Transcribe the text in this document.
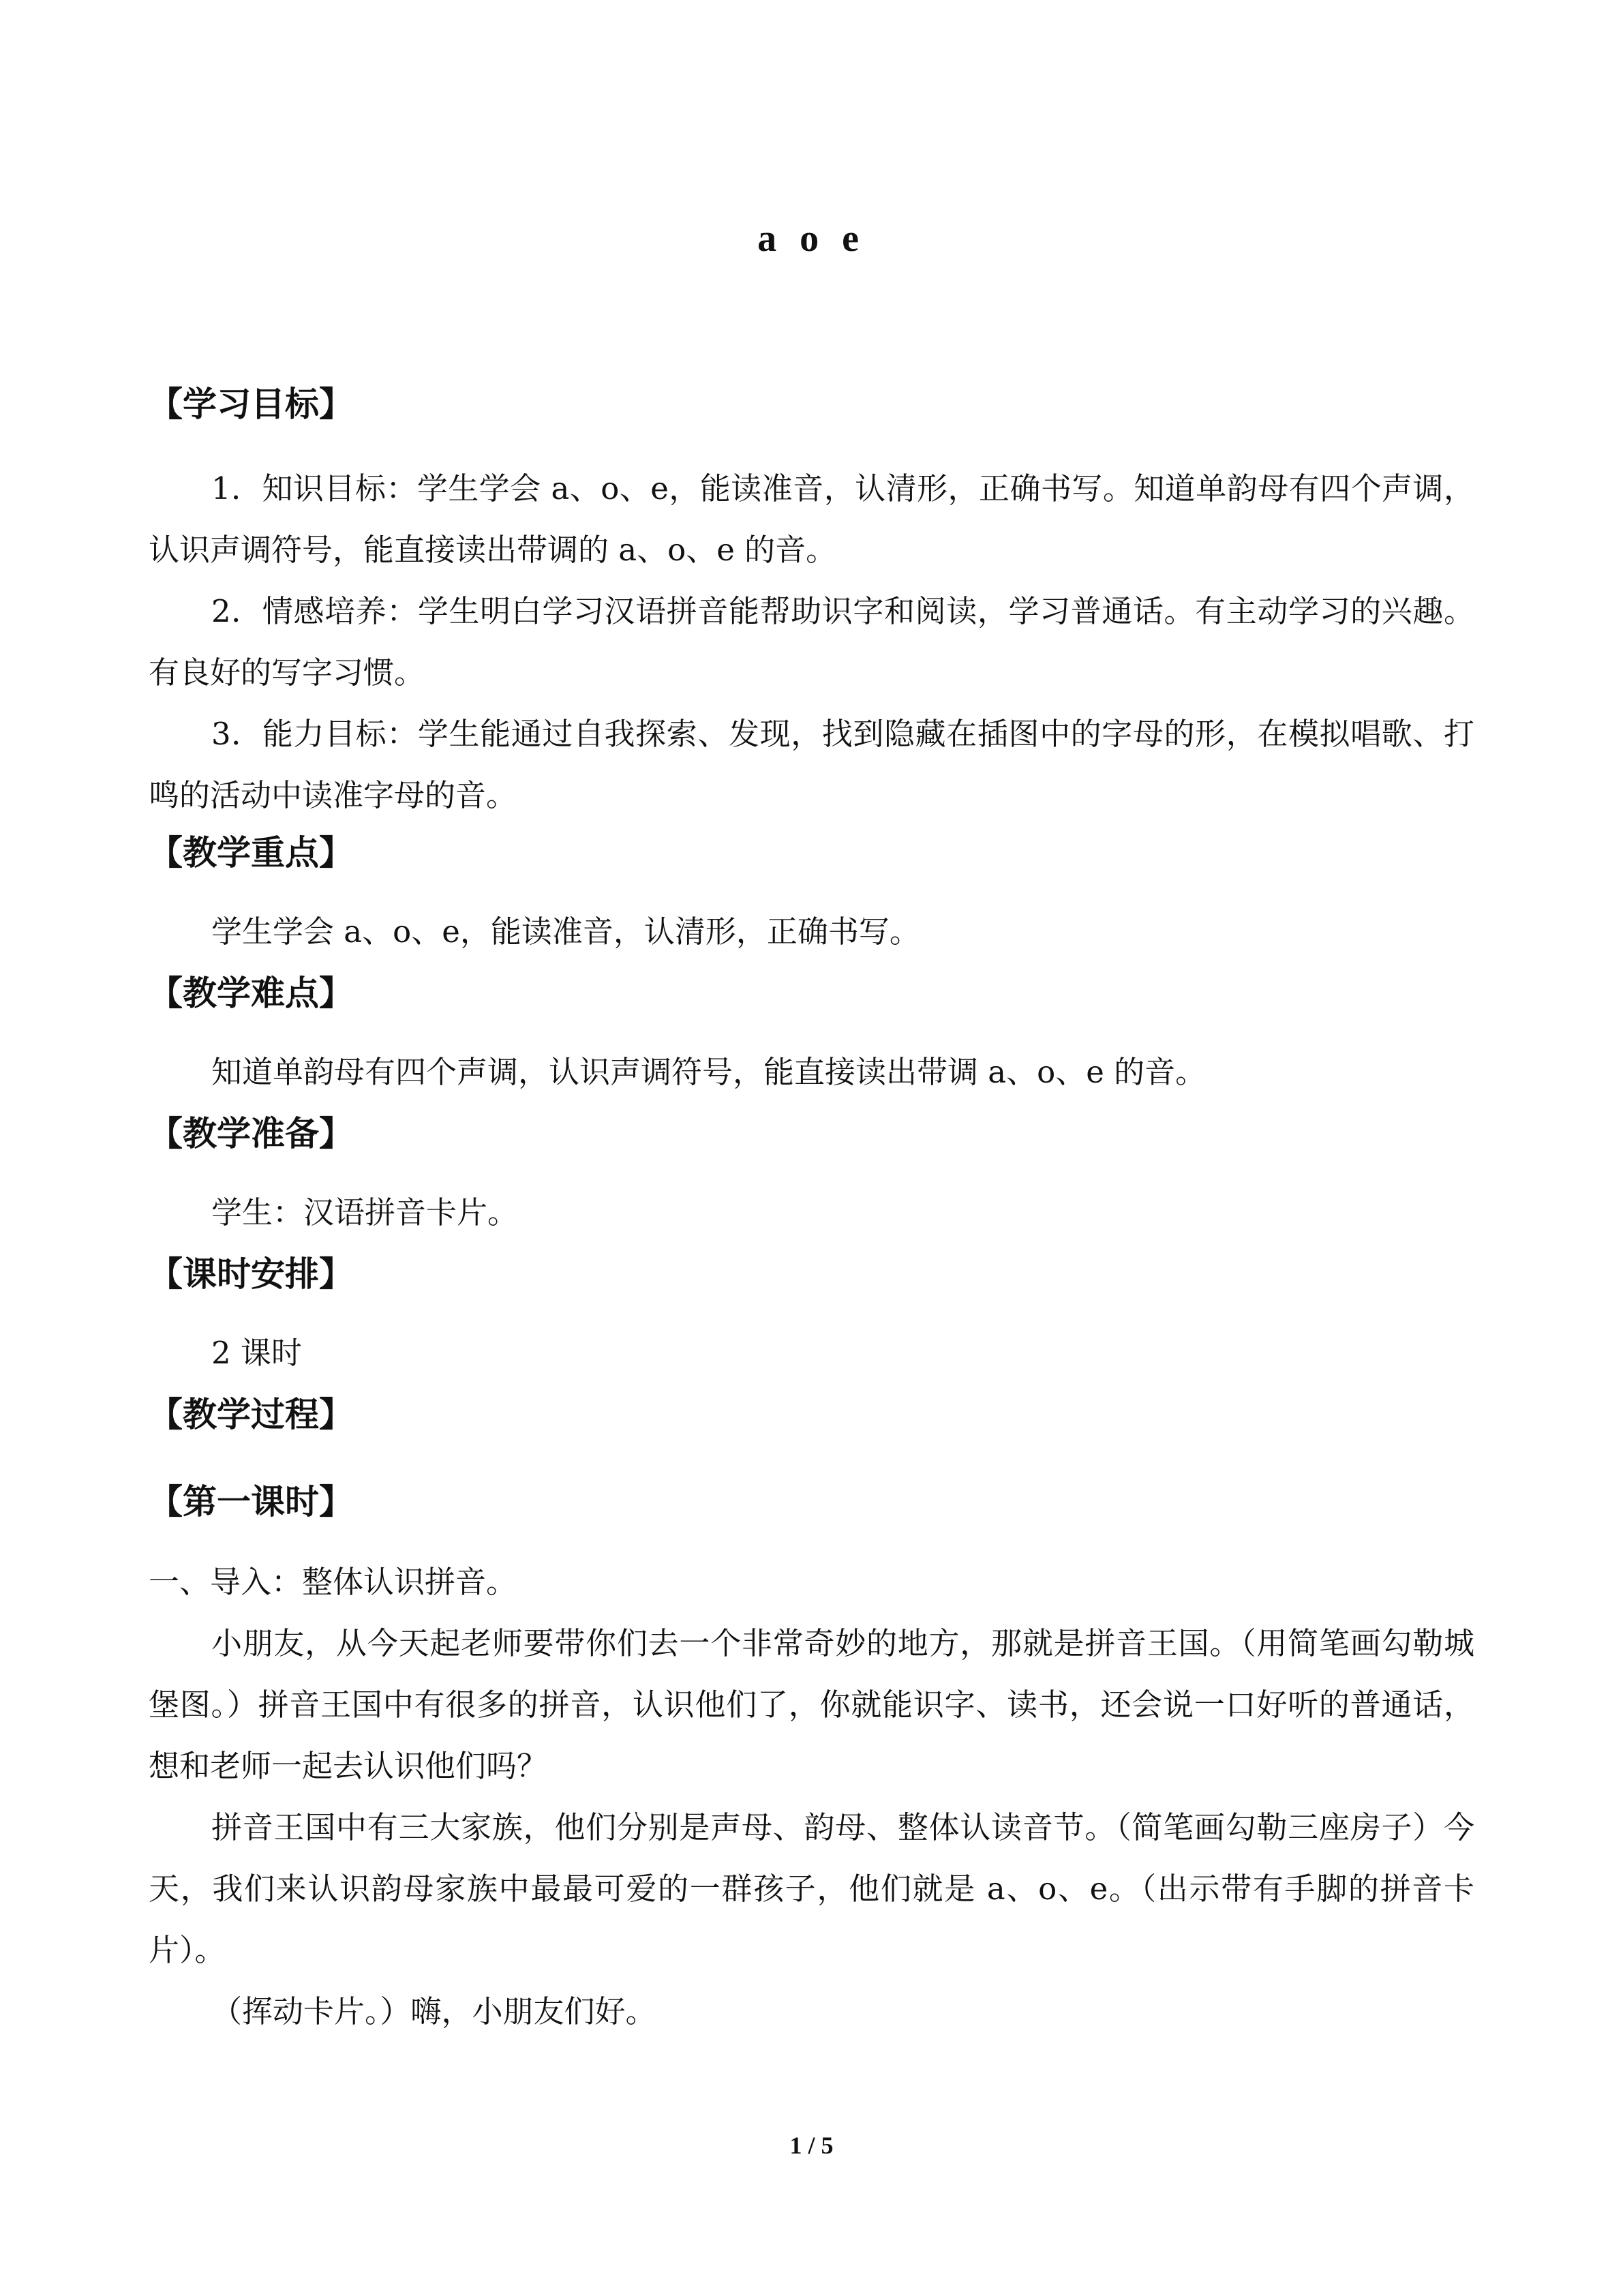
a o e
【学习目标】

1．知识目标：学生学会 a、o、e，能读准音，认清形，正确书写。知道单韵母有四个声调，认识声调符号，能直接读出带调的 a、o、e 的音。

2．情感培养：学生明白学习汉语拼音能帮助识字和阅读，学习普通话。有主动学习的兴趣。有良好的写字习惯。

3．能力目标：学生能通过自我探索、发现，找到隐藏在插图中的字母的形，在模拟唱歌、打鸣的活动中读准字母的音。

【教学重点】

学生学会 a、o、e，能读准音，认清形，正确书写。

【教学难点】

知道单韵母有四个声调，认识声调符号，能直接读出带调 a、o、e 的音。

【教学准备】

学生：汉语拼音卡片。

【课时安排】

2 课时

【教学过程】
【第一课时】

一、导入：整体认识拼音。

小朋友，从今天起老师要带你们去一个非常奇妙的地方，那就是拼音王国。（用简笔画勾勒城堡图。）拼音王国中有很多的拼音，认识他们了，你就能识字、读书，还会说一口好听的普通话，想和老师一起去认识他们吗？

拼音王国中有三大家族，他们分别是声母、韵母、整体认读音节。（简笔画勾勒三座房子）今天，我们来认识韵母家族中最最可爱的一群孩子，他们就是 a、o、e。（出示带有手脚的拼音卡片）。

（挥动卡片。）嗨，小朋友们好。

1 / 5
